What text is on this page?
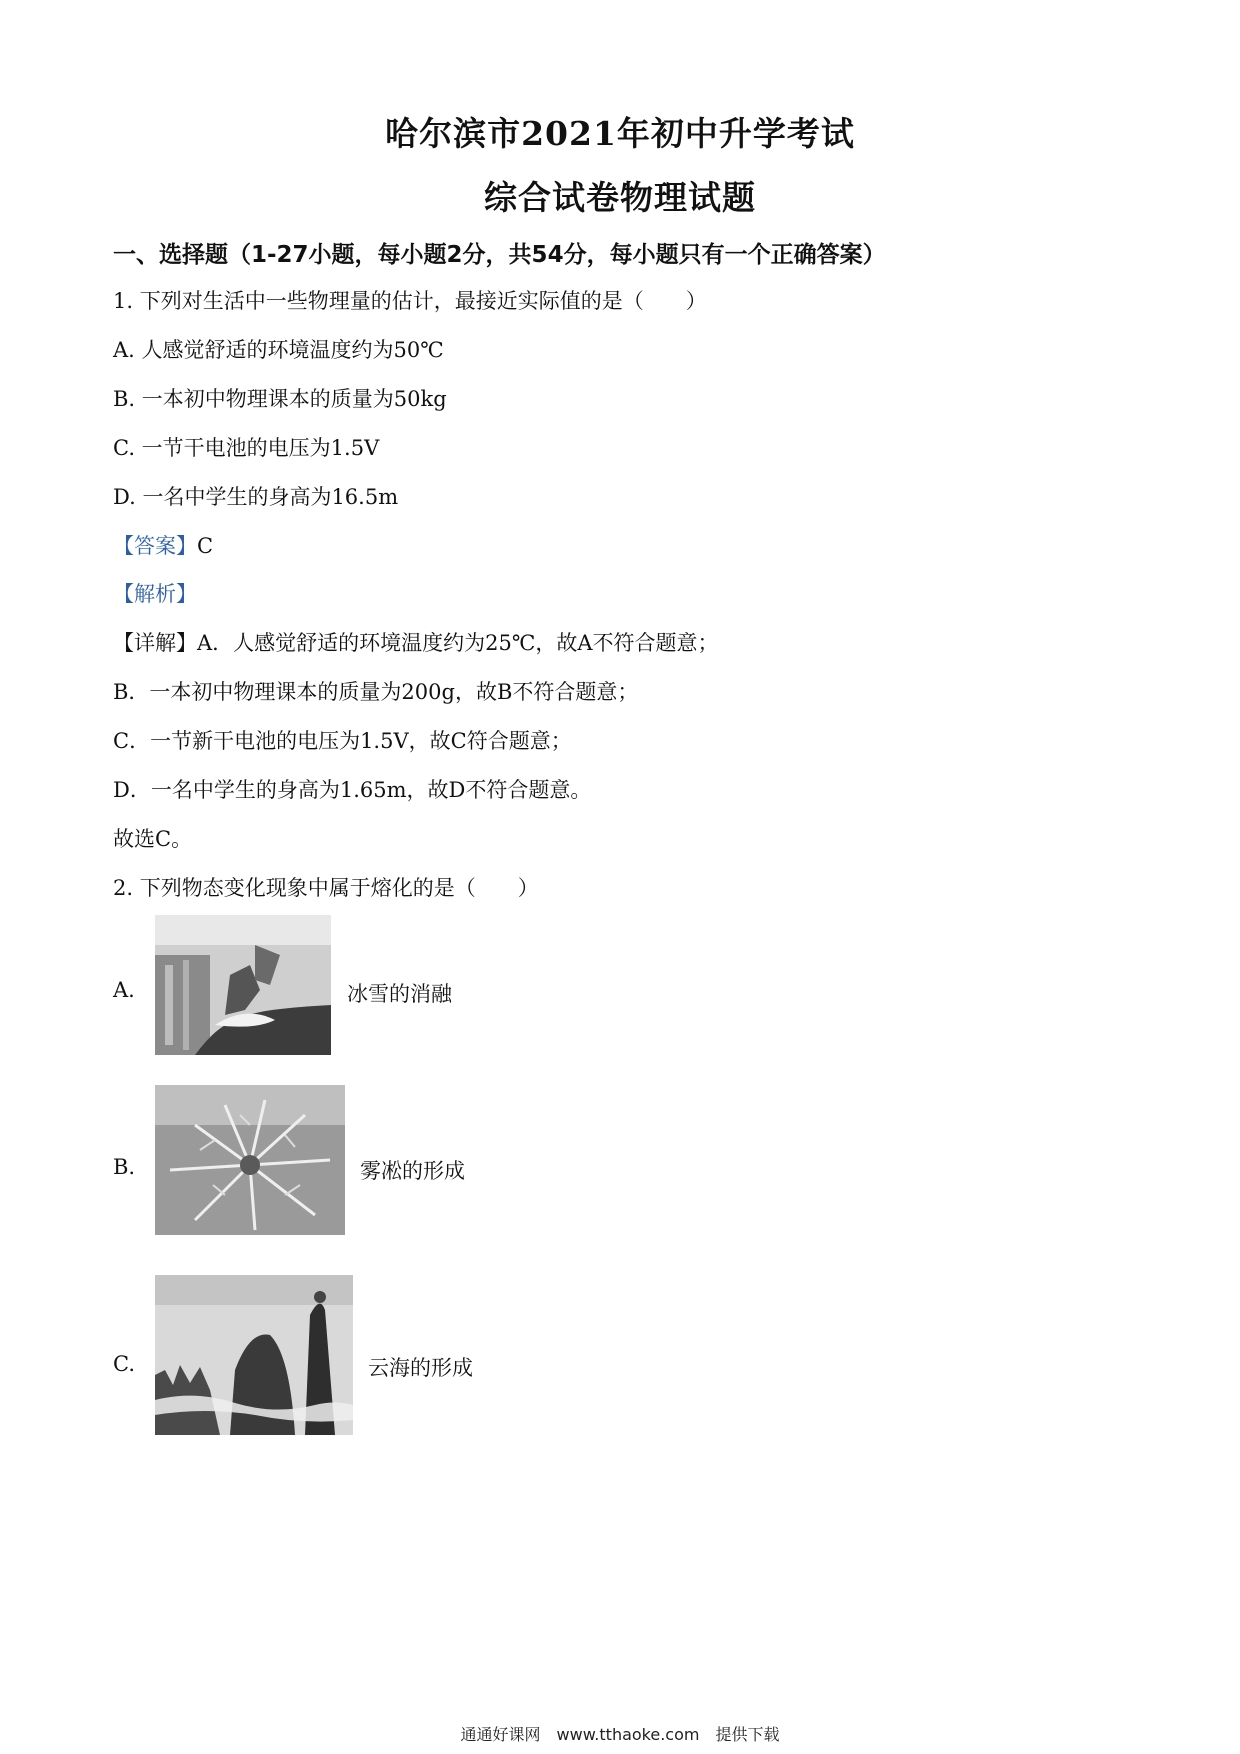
哈尔滨市2021年初中升学考试
综合试卷物理试题
一、选择题（1-27小题，每小题2分，共54分，每小题只有一个正确答案）
1. 下列对生活中一些物理量的估计，最接近实际值的是（　　）
A. 人感觉舒适的环境温度约为50℃
B. 一本初中物理课本的质量为50kg
C. 一节干电池的电压为1.5V
D. 一名中学生的身高为16.5m
【答案】C
【解析】
【详解】A．人感觉舒适的环境温度约为25℃，故A不符合题意；
B．一本初中物理课本的质量为200g，故B不符合题意；
C．一节新干电池的电压为1.5V，故C符合题意；
D．一名中学生的身高为1.65m，故D不符合题意。
故选C。
2. 下列物态变化现象中属于熔化的是（　　）
A.	冰雪的消融
B.	雾凇的形成
C.	云海的形成
通通好课网　www.tthaoke.com　提供下载
